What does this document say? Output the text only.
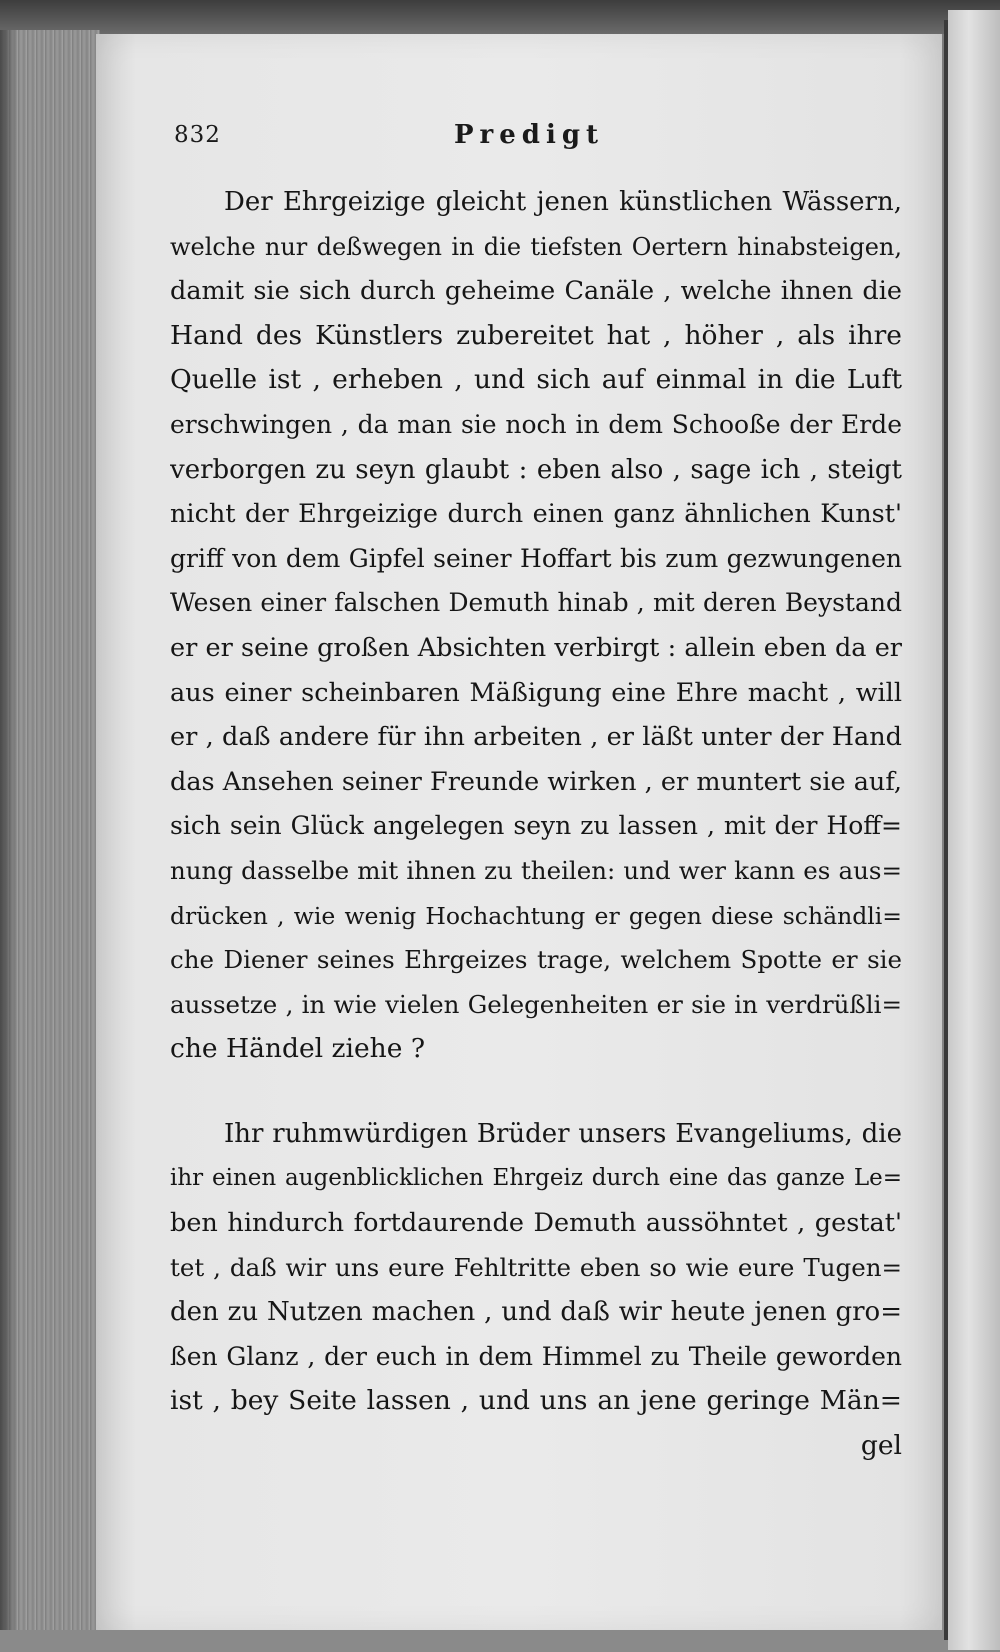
832	Predigt
Der Ehrgeizige gleicht jenen künstlichen Wässern,
welche nur deßwegen in die tiefsten Oertern hinabsteigen,
damit sie sich durch geheime Canäle , welche ihnen die
Hand des Künstlers zubereitet hat , höher , als ihre
Quelle ist , erheben , und sich auf einmal in die Luft
erschwingen , da man sie noch in dem Schooße der Erde
verborgen zu seyn glaubt : eben also , sage ich , steigt
nicht der Ehrgeizige durch einen ganz ähnlichen Kunst'
griff von dem Gipfel seiner Hoffart bis zum gezwungenen
Wesen einer falschen Demuth hinab , mit deren Beystand
er er seine großen Absichten verbirgt : allein eben da er
aus einer scheinbaren Mäßigung eine Ehre macht , will
er , daß andere für ihn arbeiten , er läßt unter der Hand
das Ansehen seiner Freunde wirken , er muntert sie auf,
sich sein Glück angelegen seyn zu lassen , mit der Hoff=
nung dasselbe mit ihnen zu theilen: und wer kann es aus=
drücken , wie wenig Hochachtung er gegen diese schändli=
che Diener seines Ehrgeizes trage, welchem Spotte er sie
aussetze , in wie vielen Gelegenheiten er sie in verdrüßli=
che Händel ziehe ?
Ihr ruhmwürdigen Brüder unsers Evangeliums, die
ihr einen augenblicklichen Ehrgeiz durch eine das ganze Le=
ben hindurch fortdaurende Demuth aussöhntet , gestat'
tet , daß wir uns eure Fehltritte eben so wie eure Tugen=
den zu Nutzen machen , und daß wir heute jenen gro=
ßen Glanz , der euch in dem Himmel zu Theile geworden
ist , bey Seite lassen , und uns an jene geringe Män=
gel
